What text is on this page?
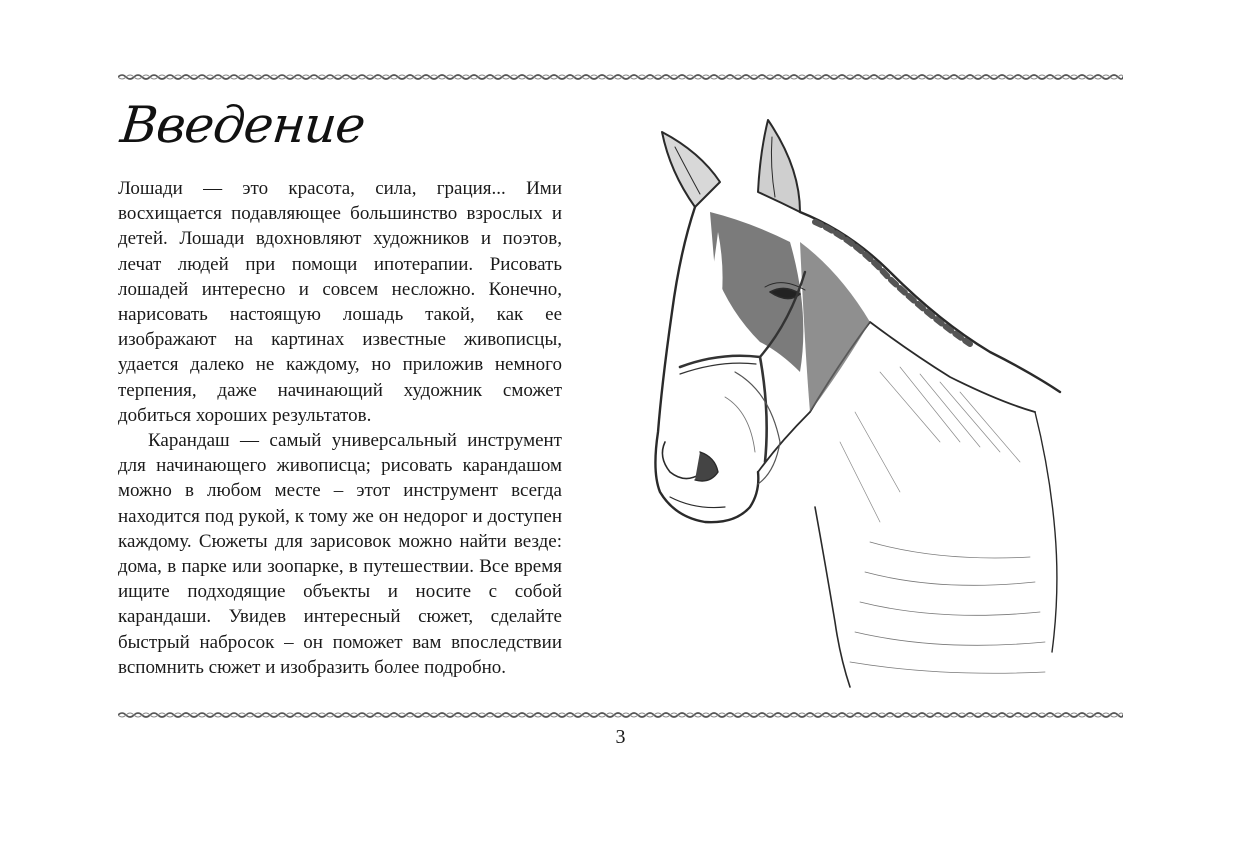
Введение

Лошади — это красота, сила, грация... Ими восхищается подавляющее большинство взрослых и детей. Лошади вдохновляют художников и поэтов, лечат людей при помощи ипотерапии. Рисовать лошадей интересно и совсем несложно. Конечно, нарисовать настоящую лошадь такой, как ее изображают на картинах известные живописцы, удается далеко не каждому, но приложив немного терпения, даже начинающий художник сможет добиться хороших результатов.

Карандаш — самый универсальный инструмент для начинающего живописца; рисовать карандашом можно в любом месте – этот инструмент всегда находится под рукой, к тому же он недорог и доступен каждому. Сюжеты для зарисовок можно найти везде: дома, в парке или зоопарке, в путешествии. Все время ищите подходящие объекты и носите с собой карандаши. Увидев интересный сюжет, сделайте быстрый набросок – он поможет вам впоследствии вспомнить сюжет и изобразить более подробно.

3
